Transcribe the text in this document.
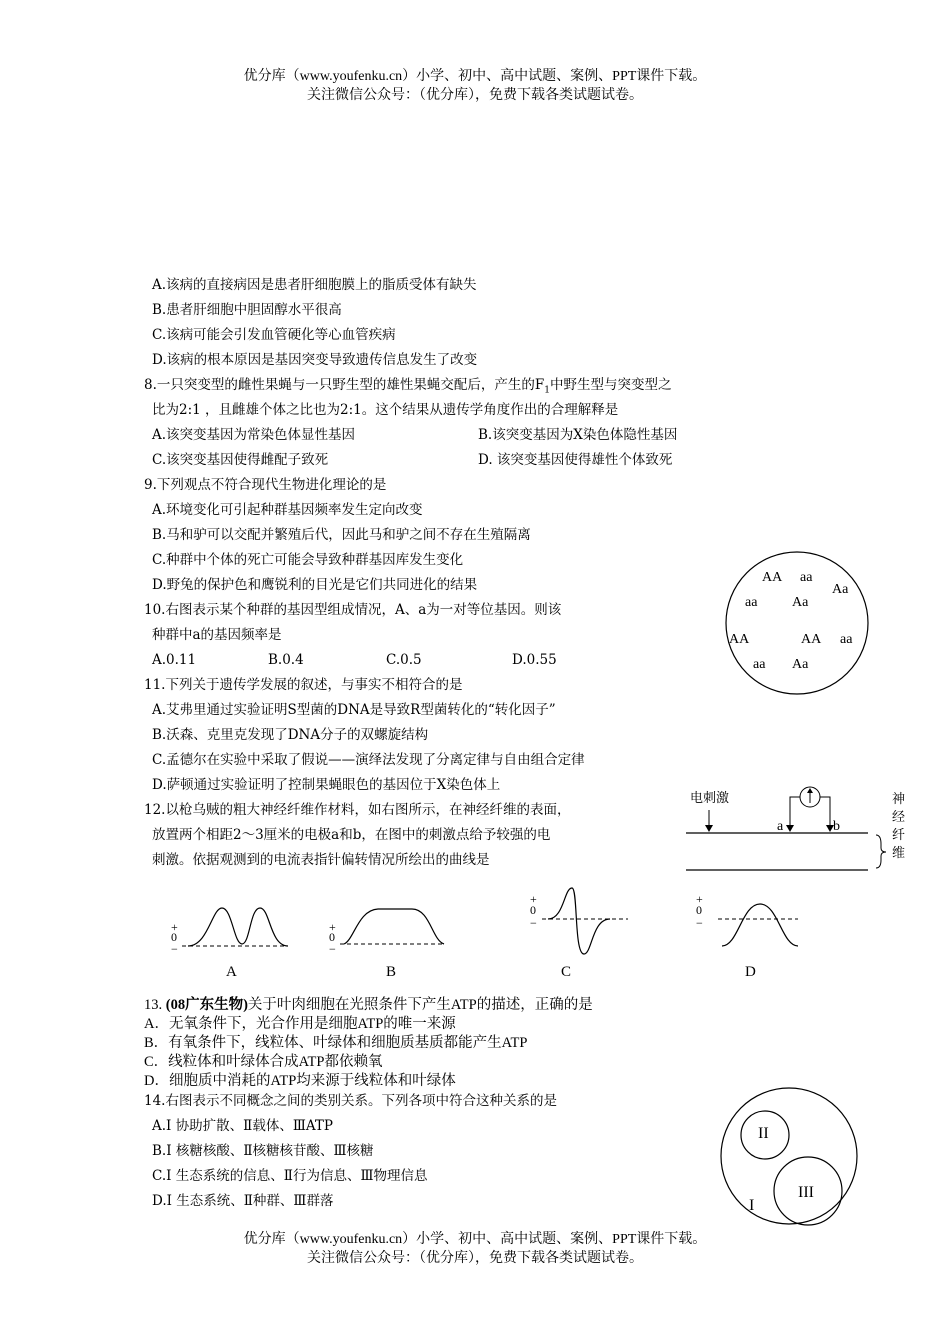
优分库（www.youfenku.cn）小学、初中、高中试题、案例、PPT课件下载。
关注微信公众号：（优分库），免费下载各类试题试卷。
A.该病的直接病因是患者肝细胞膜上的脂质受体有缺失
B.患者肝细胞中胆固醇水平很高
C.该病可能会引发血管硬化等心血管疾病
D.该病的根本原因是基因突变导致遗传信息发生了改变
8.一只突变型的雌性果蝇与一只野生型的雄性果蝇交配后，产生的$F_1$中野生型与突变型之
比为2:1 ，且雌雄个体之比也为2:1。这个结果从遗传学角度作出的合理解释是
A.该突变基因为常染色体显性基因	B.该突变基因为X染色体隐性基因
C.该突变基因使得雌配子致死	D. 该突变基因使得雄性个体致死
9.下列观点不符合现代生物进化理论的是
A.环境变化可引起种群基因频率发生定向改变
B.马和驴可以交配并繁殖后代，因此马和驴之间不存在生殖隔离
C.种群中个体的死亡可能会导致种群基因库发生变化
D.野兔的保护色和鹰锐利的目光是它们共同进化的结果
10.右图表示某个种群的基因型组成情况，A、a为一对等位基因。则该
种群中a的基因频率是
A.0.11	B.0.4	C.0.5	D.0.55
AA aa
Aa
aa Aa
AA	AA aa
aa Aa
11.下列关于遗传学发展的叙述，与事实不相符合的是
A.艾弗里通过实验证明S型菌的DNA是导致R型菌转化的“转化因子”
B.沃森、克里克发现了DNA分子的双螺旋结构
C.孟德尔在实验中采取了假说——演绎法发现了分离定律与自由组合定律
D.萨顿通过实验证明了控制果蝇眼色的基因位于X染色体上
12.以枪乌贼的粗大神经纤维作材料，如右图所示，在神经纤维的表面，
放置两个相距2～3厘米的电极a和b，在图中的刺激点给予较强的电
刺激。依据观测到的电流表指针偏转情况所绘出的曲线是
电刺激
a	b
神
经
纤
维
+
0
−
A
+
0
−
B
+
0
−
C
+
0
−
D
13. (08广东生物)关于叶肉细胞在光照条件下产生ATP的描述，正确的是
A．无氧条件下，光合作用是细胞ATP的唯一来源
B．有氧条件下，线粒体、叶绿体和细胞质基质都能产生ATP
C．线粒体和叶绿体合成ATP都依赖氧
D．细胞质中消耗的ATP均来源于线粒体和叶绿体
14.右图表示不同概念之间的类别关系。下列各项中符合这种关系的是
A.Ⅰ 协助扩散、Ⅱ载体、ⅢATP
B.Ⅰ 核糖核酸、Ⅱ核糖核苷酸、Ⅲ核糖
C.Ⅰ 生态系统的信息、Ⅱ行为信息、Ⅲ物理信息
D.Ⅰ 生态系统、Ⅱ种群、Ⅲ群落
II
III
I
优分库（www.youfenku.cn）小学、初中、高中试题、案例、PPT课件下载。
关注微信公众号：（优分库），免费下载各类试题试卷。
